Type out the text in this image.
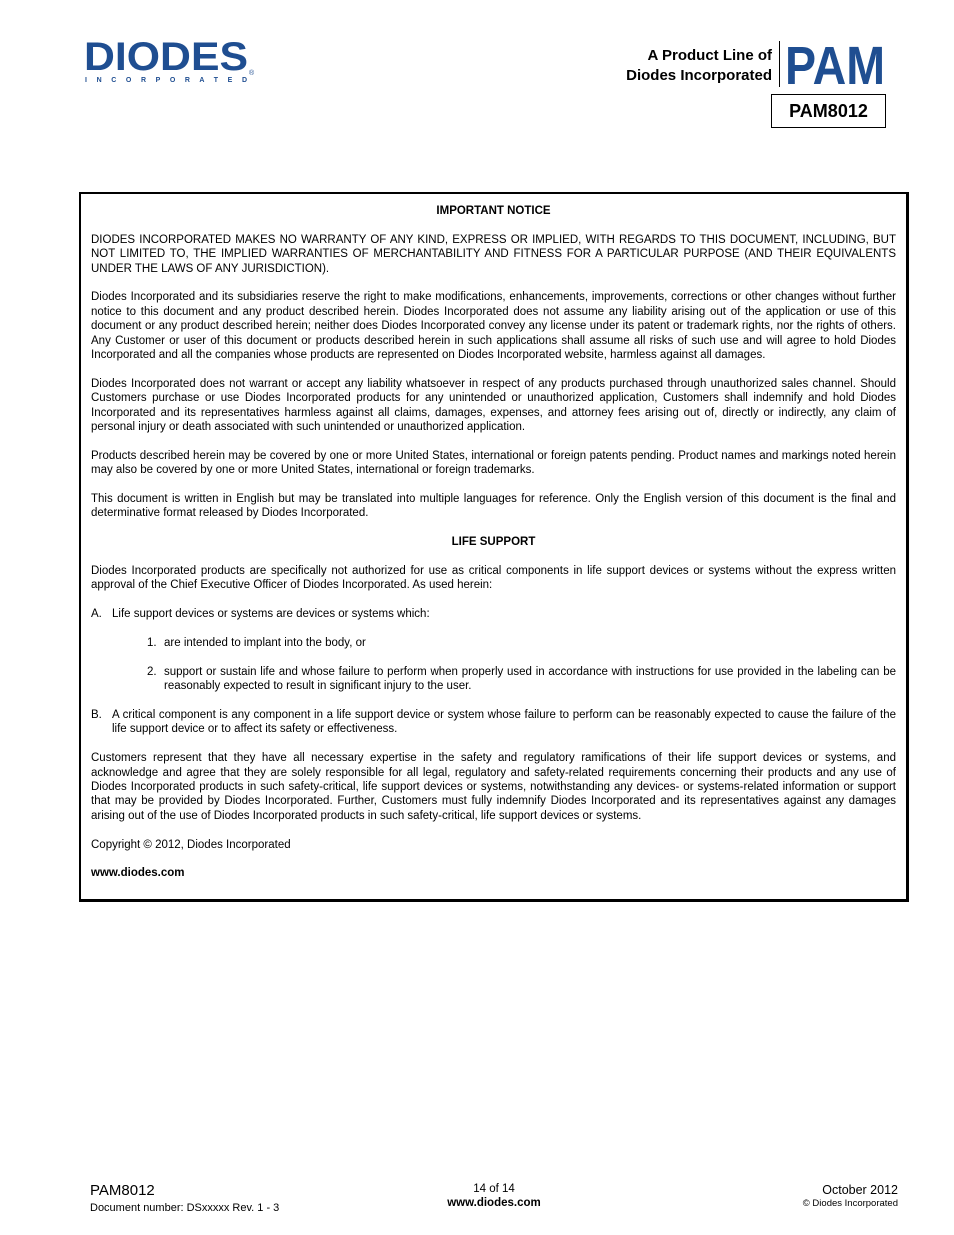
DIODES
I N C O R P O R A T E D
®
A Product Line of
Diodes Incorporated PAM
PAM8012
IMPORTANT NOTICE

DIODES INCORPORATED MAKES NO WARRANTY OF ANY KIND, EXPRESS OR IMPLIED, WITH REGARDS TO THIS DOCUMENT, INCLUDING, BUT NOT LIMITED TO, THE IMPLIED WARRANTIES OF MERCHANTABILITY AND FITNESS FOR A PARTICULAR PURPOSE (AND THEIR EQUIVALENTS UNDER THE LAWS OF ANY JURISDICTION).

Diodes Incorporated and its subsidiaries reserve the right to make modifications, enhancements, improvements, corrections or other changes without further notice to this document and any product described herein. Diodes Incorporated does not assume any liability arising out of the application or use of this document or any product described herein; neither does Diodes Incorporated convey any license under its patent or trademark rights, nor the rights of others. Any Customer or user of this document or products described herein in such applications shall assume all risks of such use and will agree to hold Diodes Incorporated and all the companies whose products are represented on Diodes Incorporated website, harmless against all damages.

Diodes Incorporated does not warrant or accept any liability whatsoever in respect of any products purchased through unauthorized sales channel. Should Customers purchase or use Diodes Incorporated products for any unintended or unauthorized application, Customers shall indemnify and hold Diodes Incorporated and its representatives harmless against all claims, damages, expenses, and attorney fees arising out of, directly or indirectly, any claim of personal injury or death associated with such unintended or unauthorized application.

Products described herein may be covered by one or more United States, international or foreign patents pending. Product names and markings noted herein may also be covered by one or more United States, international or foreign trademarks.

This document is written in English but may be translated into multiple languages for reference. Only the English version of this document is the final and determinative format released by Diodes Incorporated.

LIFE SUPPORT

Diodes Incorporated products are specifically not authorized for use as critical components in life support devices or systems without the express written approval of the Chief Executive Officer of Diodes Incorporated. As used herein:

A. Life support devices or systems are devices or systems which:
1. are intended to implant into the body, or
2. support or sustain life and whose failure to perform when properly used in accordance with instructions for use provided in the labeling can be reasonably expected to result in significant injury to the user.
B. A critical component is any component in a life support device or system whose failure to perform can be reasonably expected to cause the failure of the life support device or to affect its safety or effectiveness.

Customers represent that they have all necessary expertise in the safety and regulatory ramifications of their life support devices or systems, and acknowledge and agree that they are solely responsible for all legal, regulatory and safety-related requirements concerning their products and any use of Diodes Incorporated products in such safety-critical, life support devices or systems, notwithstanding any devices- or systems-related information or support that may be provided by Diodes Incorporated. Further, Customers must fully indemnify Diodes Incorporated and its representatives against any damages arising out of the use of Diodes Incorporated products in such safety-critical, life support devices or systems.

Copyright © 2012, Diodes Incorporated

www.diodes.com

PAM8012
Document number: DSxxxxx Rev. 1 - 3
14 of 14
www.diodes.com
October 2012
© Diodes Incorporated
